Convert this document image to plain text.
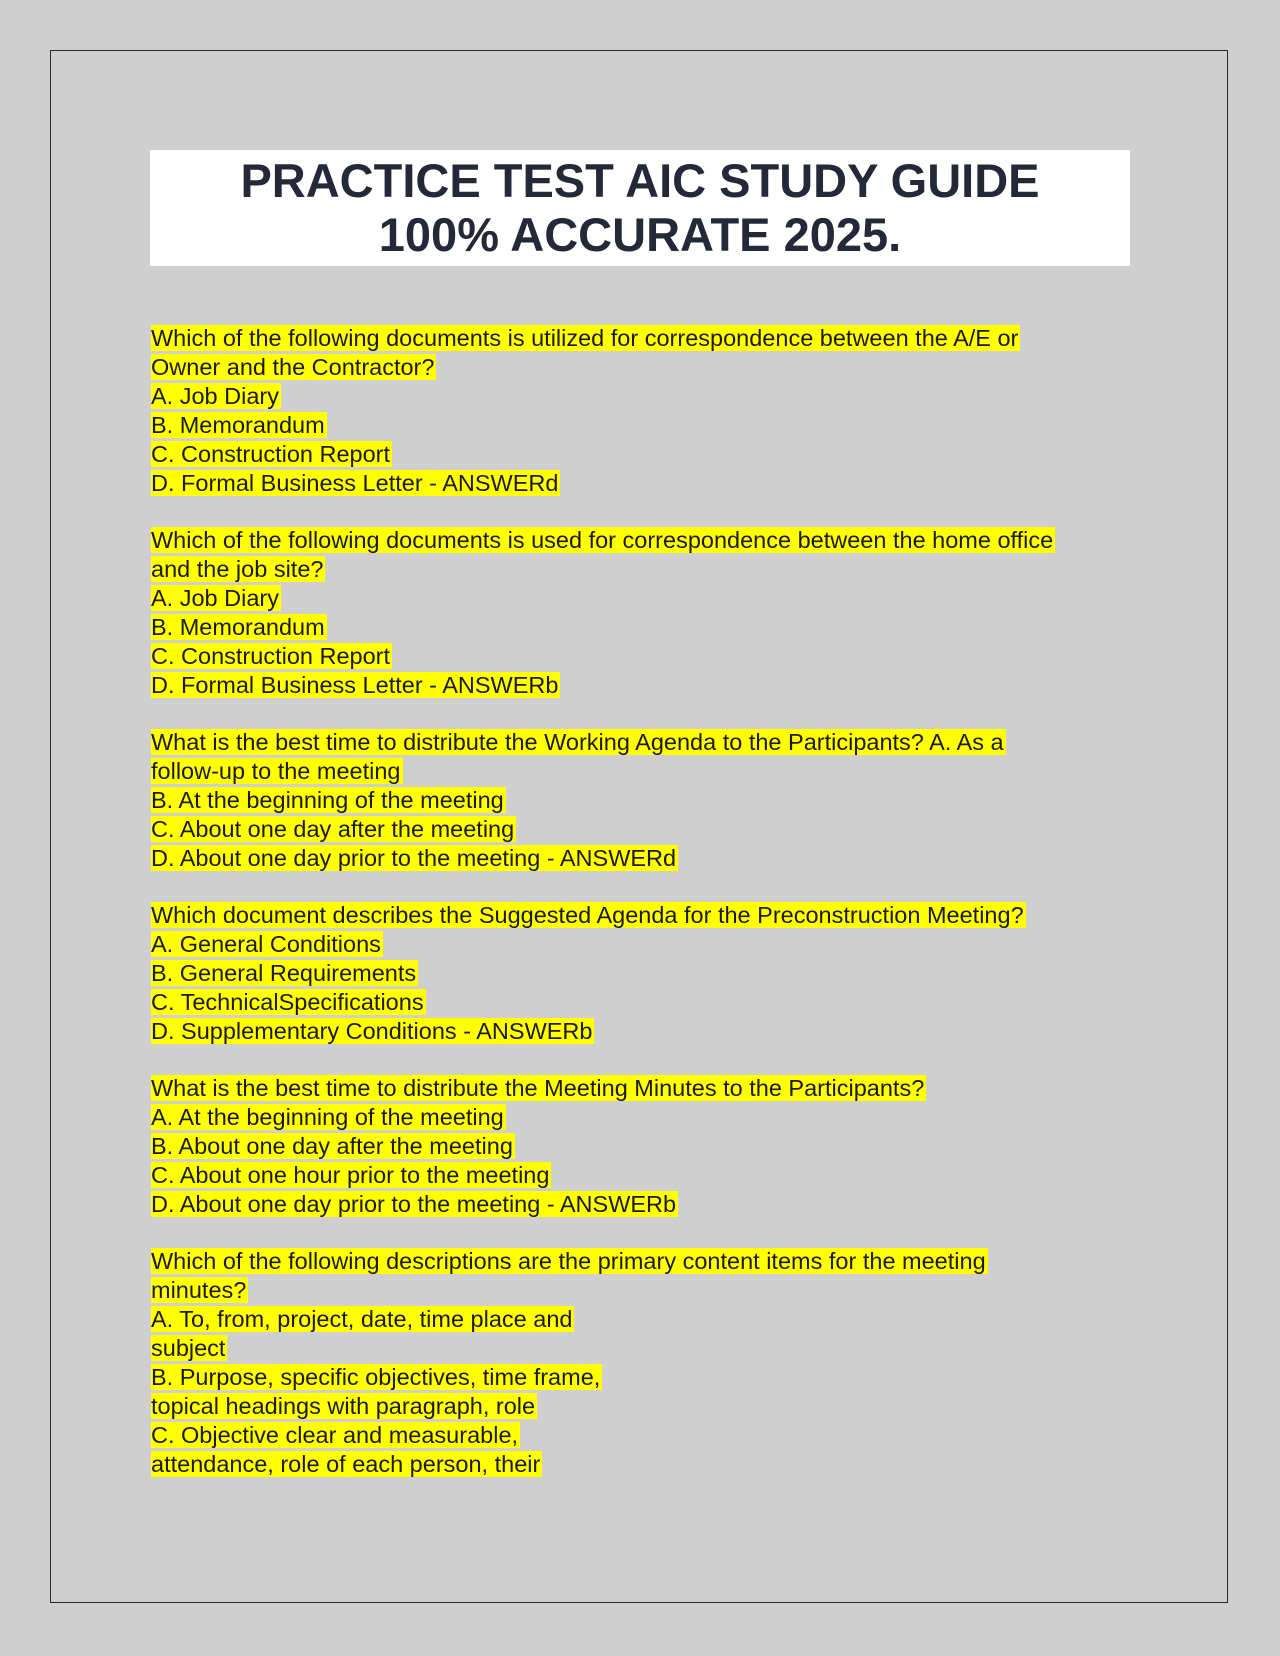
PRACTICE TEST AIC STUDY GUIDE
100% ACCURATE 2025.
Which of the following documents is utilized for correspondence between the A/E or
Owner and the Contractor?
A. Job Diary
B. Memorandum
C. Construction Report
D. Formal Business Letter - ANSWERd
Which of the following documents is used for correspondence between the home office
and the job site?
A. Job Diary
B. Memorandum
C. Construction Report
D. Formal Business Letter - ANSWERb
What is the best time to distribute the Working Agenda to the Participants? A. As a
follow-up to the meeting
B. At the beginning of the meeting
C. About one day after the meeting
D. About one day prior to the meeting - ANSWERd
Which document describes the Suggested Agenda for the Preconstruction Meeting?
A. General Conditions
B. General Requirements
C. TechnicalSpecifications
D. Supplementary Conditions - ANSWERb
What is the best time to distribute the Meeting Minutes to the Participants?
A. At the beginning of the meeting
B. About one day after the meeting
C. About one hour prior to the meeting
D. About one day prior to the meeting - ANSWERb
Which of the following descriptions are the primary content items for the meeting
minutes?
A. To, from, project, date, time place and
subject
B. Purpose, specific objectives, time frame,
topical headings with paragraph, role
C. Objective clear and measurable,
attendance, role of each person, their
